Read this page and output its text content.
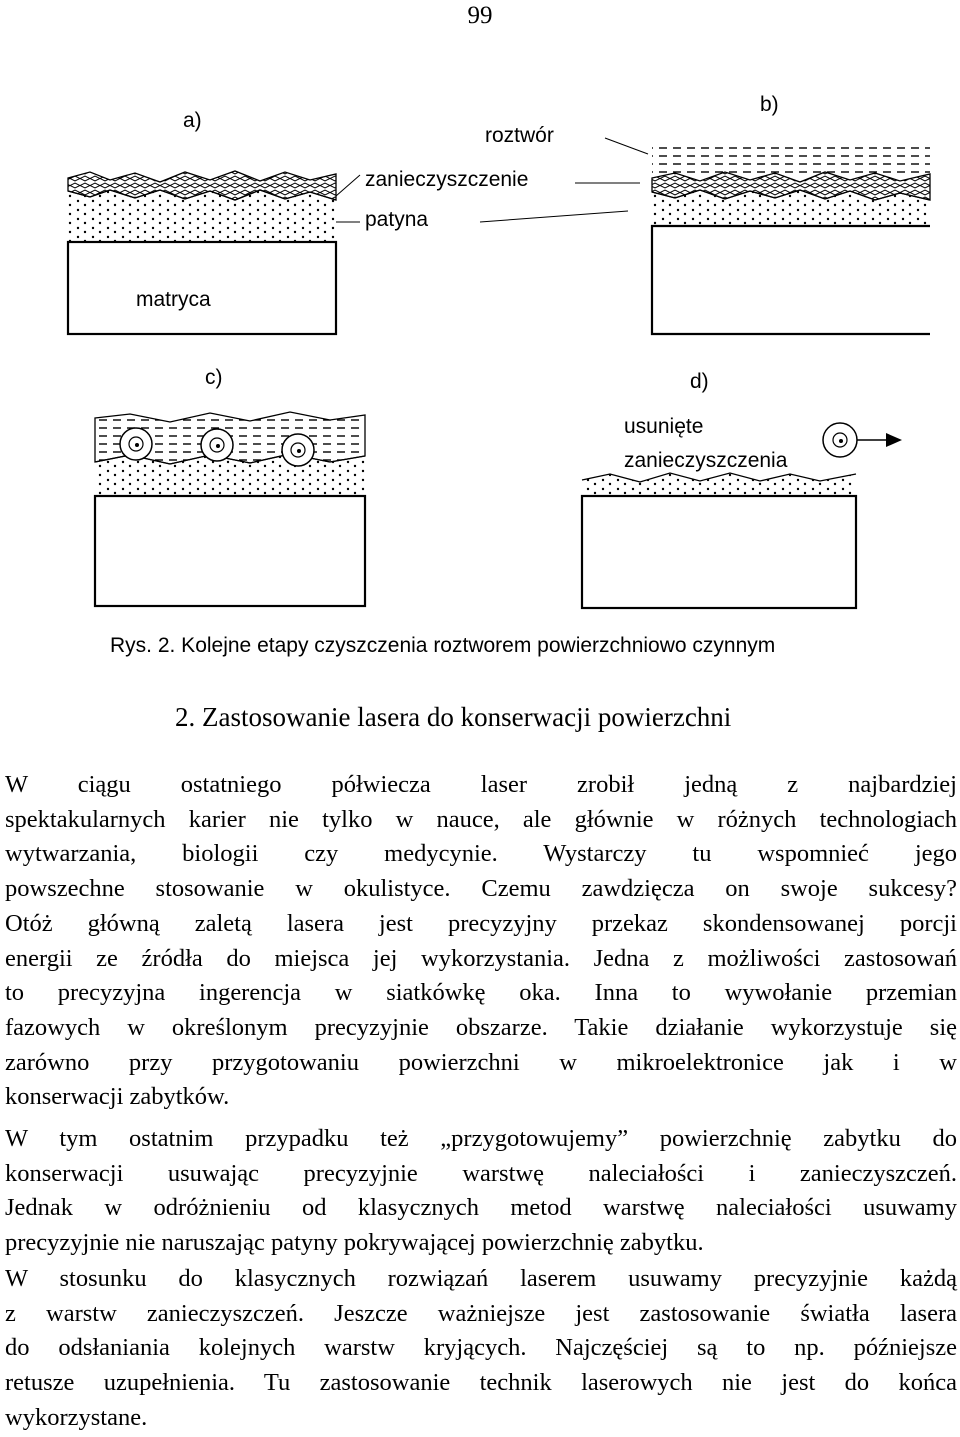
99
a)
b)
c)	d)
roztwór
zanieczyszczenie
patyna
matryca
usunięte
zanieczyszczenia
Rys. 2. Kolejne etapy czyszczenia roztworem powierzchniowo czynnym
2. Zastosowanie lasera do konserwacji powierzchni
W ciągu ostatniego półwiecza laser zrobił jedną z najbardziej
spektakularnych karier nie tylko w nauce, ale głównie w różnych technologiach
wytwarzania, biologii czy medycynie. Wystarczy tu wspomnieć jego
powszechne stosowanie w okulistyce. Czemu zawdzięcza on swoje sukcesy?
Otóż główną zaletą lasera jest precyzyjny przekaz skondensowanej porcji
energii ze źródła do miejsca jej wykorzystania. Jedna z możliwości zastosowań
to precyzyjna ingerencja w siatkówkę oka. Inna to wywołanie przemian
fazowych w określonym precyzyjnie obszarze. Takie działanie wykorzystuje się
zarówno przy przygotowaniu powierzchni w mikroelektronice jak i w
konserwacji zabytków.
W tym ostatnim przypadku też „przygotowujemy” powierzchnię zabytku do
konserwacji usuwając precyzyjnie warstwę naleciałości i zanieczyszczeń.
Jednak w odróżnieniu od klasycznych metod warstwę naleciałości usuwamy
precyzyjnie nie naruszając patyny pokrywającej powierzchnię zabytku.
W stosunku do klasycznych rozwiązań laserem usuwamy precyzyjnie każdą
z warstw zanieczyszczeń. Jeszcze ważniejsze jest zastosowanie światła lasera
do odsłaniania kolejnych warstw kryjących. Najczęściej są to np. późniejsze
retusze uzupełnienia. Tu zastosowanie technik laserowych nie jest do końca
wykorzystane.
